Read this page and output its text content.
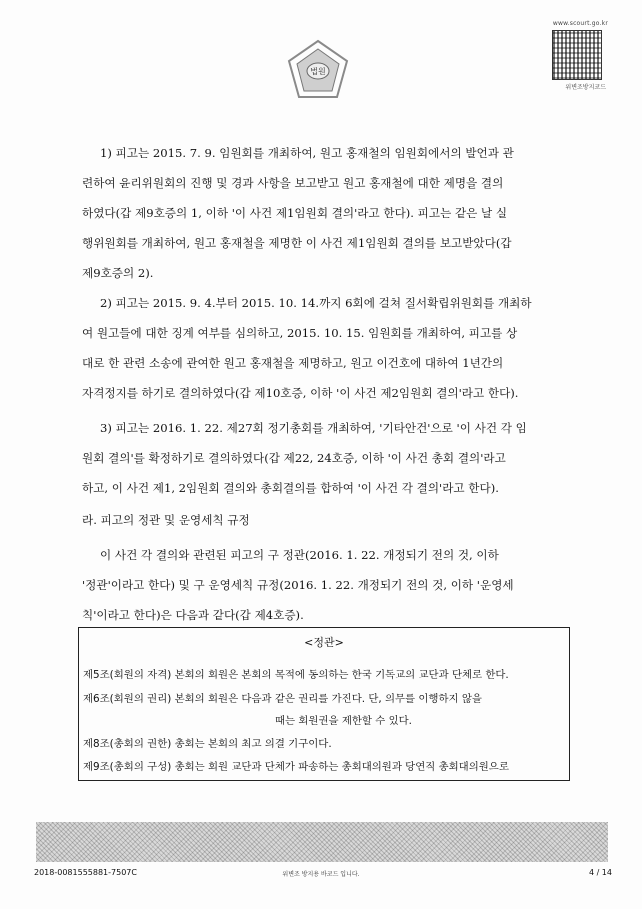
법원
www.scourt.go.kr
위변조방지코드

1) 피고는 2015. 7. 9. 임원회를 개최하여, 원고 홍재철의 임원회에서의 발언과 관

련하여 윤리위원회의 진행 및 경과 사항을 보고받고 원고 홍재철에 대한 제명을 결의

하였다(갑 제9호증의 1, 이하 '이 사건 제1임원회 결의'라고 한다). 피고는 같은 날 실

행위원회를 개최하여, 원고 홍재철을 제명한 이 사건 제1임원회 결의를 보고받았다(갑

제9호증의 2).

2) 피고는 2015. 9. 4.부터 2015. 10. 14.까지 6회에 걸쳐 질서확립위원회를 개최하

여 원고들에 대한 징계 여부를 심의하고, 2015. 10. 15. 임원회를 개최하여, 피고를 상

대로 한 관련 소송에 관여한 원고 홍재철을 제명하고, 원고 이건호에 대하여 1년간의

자격정지를 하기로 결의하였다(갑 제10호증, 이하 '이 사건 제2임원회 결의'라고 한다).

3) 피고는 2016. 1. 22. 제27회 정기총회를 개최하여, '기타안건'으로 '이 사건 각 임

원회 결의'를 확정하기로 결의하였다(갑 제22, 24호증, 이하 '이 사건 총회 결의'라고

하고, 이 사건 제1, 2임원회 결의와 총회결의를 합하여 '이 사건 각 결의'라고 한다).

라. 피고의 정관 및 운영세칙 규정

이 사건 각 결의와 관련된 피고의 구 정관(2016. 1. 22. 개정되기 전의 것, 이하

'정관'이라고 한다) 및 구 운영세칙 규정(2016. 1. 22. 개정되기 전의 것, 이하 '운영세

칙'이라고 한다)은 다음과 같다(갑 제4호증).

<정관>
제5조(회원의 자격) 본회의 회원은 본회의 목적에 동의하는 한국 기독교의 교단과 단체로 한다.
제6조(회원의 권리) 본회의 회원은 다음과 같은 권리를 가진다. 단, 의무를 이행하지 않을
때는 회원권을 제한할 수 있다.
제8조(총회의 권한) 총회는 본회의 최고 의결 기구이다.
제9조(총회의 구성) 총회는 회원 교단과 단체가 파송하는 총회대의원과 당연직 총회대의원으로
2018-0081555881-7507C	위변조 방지용 바코드 입니다.	4 / 14
